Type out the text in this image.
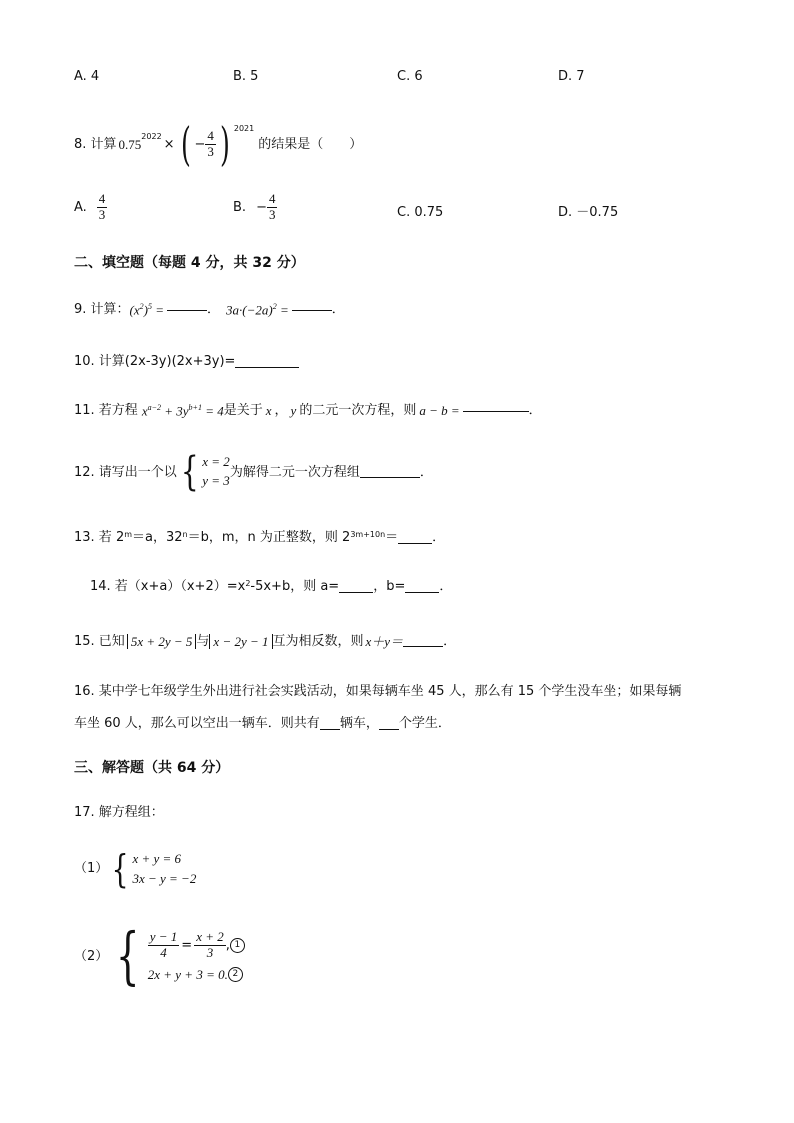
A. 4	B. 5	C. 6	D. 7
8. 计算 0.75 2022 × ( − $\frac{4}{3}$ ) 2021
的结果是（　　）
A. $\frac{4}{3}$	B. − $\frac{4}{3}$	C. 0.75	D. －0.75
二、填空题（每题 4 分，共 32 分）
9. 计算： $(x^2)^5$ =	． $3a\cdot(-2a)^2$ =	．
10. 计算(2x-3y)(2x+3y)=
11. 若方程 $x^{a-2} + 3y^{b+1} = 4$ 是关于 x ， y 的二元一次方程，则 a − b =	．
12. 请写出一个以 { x = 2
y = 3
为解得二元一次方程组	．
13. 若 2 m ＝a，32 n ＝b，m，n 为正整数，则 2 3m+10n ＝	．
14. 若（x+a）（x+2）=x 2 -5x+b，则 a=	，b=	．
15. 已知 5x + 2y − 5 与 x − 2y − 1 互为相反数，则 x＋y＝	．
16. 某中学七年级学生外出进行社会实践活动，如果每辆车坐 45 人，那么有 15 个学生没车坐；如果每辆
车坐 60 人，那么可以空出一辆车．则共有 辆车， 个学生．
三、解答题（共 64 分）
17. 解方程组：
（1） { x + y = 6
3x − y = −2
（2） { $\frac{y - 1}{4} = \frac{x + 2}{3}$ , 1
2x + y + 3 = 0. 2
